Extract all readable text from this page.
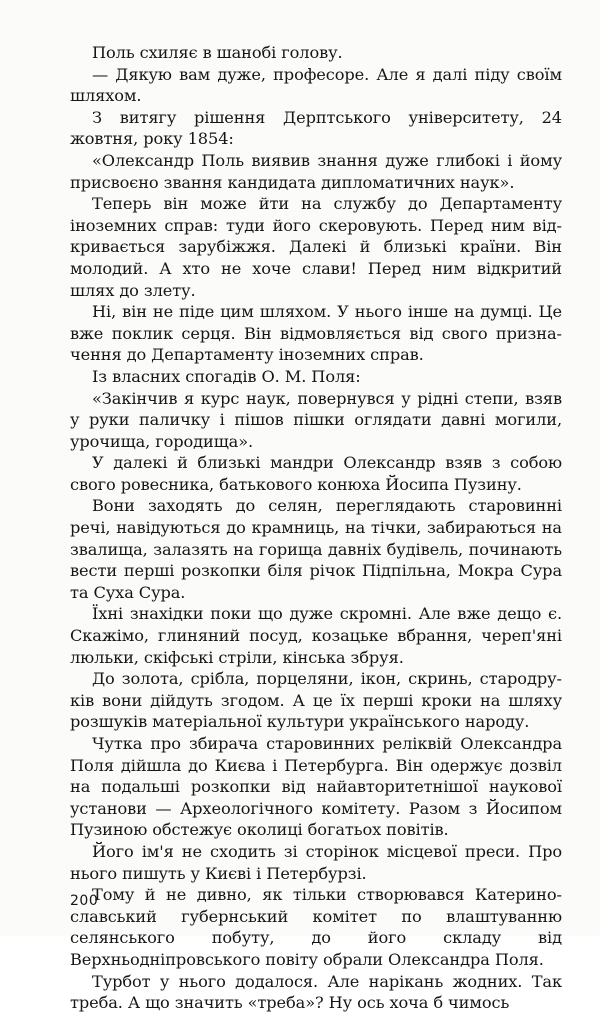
Поль схиляє в шанобі голову.

— Дякую вам дуже, професоре. Але я далі піду своїм шляхом.

З витягу рішення Дерптського університету, 24 жовтня, року 1854:

«Олександр Поль виявив знання дуже глибокі і йому присвоєно звання кандидата дипломатичних наук».

Теперь він може йти на службу до Департаменту іноземних справ: туди його скеровують. Перед ним відкривається зарубіжжя. Далекі й близькі країни. Він молодий. А хто не хоче слави! Перед ним відкритий шлях до злету.

Ні, він не піде цим шляхом. У нього інше на думці. Це вже поклик серця. Він відмовляється від свого призначення до Департаменту іноземних справ.

Із власних спогадів О. М. Поля:

«Закінчив я курс наук, повернувся у рідні степи, взяв у руки паличку і пішов пішки оглядати давні могили, урочища, городища».

У далекі й близькі мандри Олександр взяв з собою свого ровесника, батькового конюха Йосипа Пузину.

Вони заходять до селян, переглядають старовинні речі, навідуються до крамниць, на тічки, забираються на звалища, залазять на горища давніх будівель, починають вести перші розкопки біля річок Підпільна, Мокра Сура та Суха Сура.

Їхні знахідки поки що дуже скромні. Але вже дещо є. Скажімо, глиняний посуд, козацьке вбрання, череп'яні люльки, скіфські стріли, кінська збруя.

До золота, срібла, порцеляни, ікон, скринь, стародруків вони дійдуть згодом. А це їх перші кроки на шляху розшуків матеріальної культури українського народу.

Чутка про збирача старовинних реліквій Олександра Поля дійшла до Києва і Петербурга. Він одержує дозвіл на подальші розкопки від найавторитетнішої наукової установи — Археологічного комітету. Разом з Йосипом Пузиною обстежує околиці богатьох повітів.

Його ім'я не сходить зі сторінок місцевої преси. Про нього пишуть у Києві і Петербурзі.

Тому й не дивно, як тільки створювався Катеринославський губернський комітет по влаштуванню селянського побуту, до його складу від Верхньодніпровського повіту обрали Олександра Поля.

Турбот у нього додалося. Але нарікань жодних. Так треба. А що значить «треба»? Ну ось хоча б чимось

200
